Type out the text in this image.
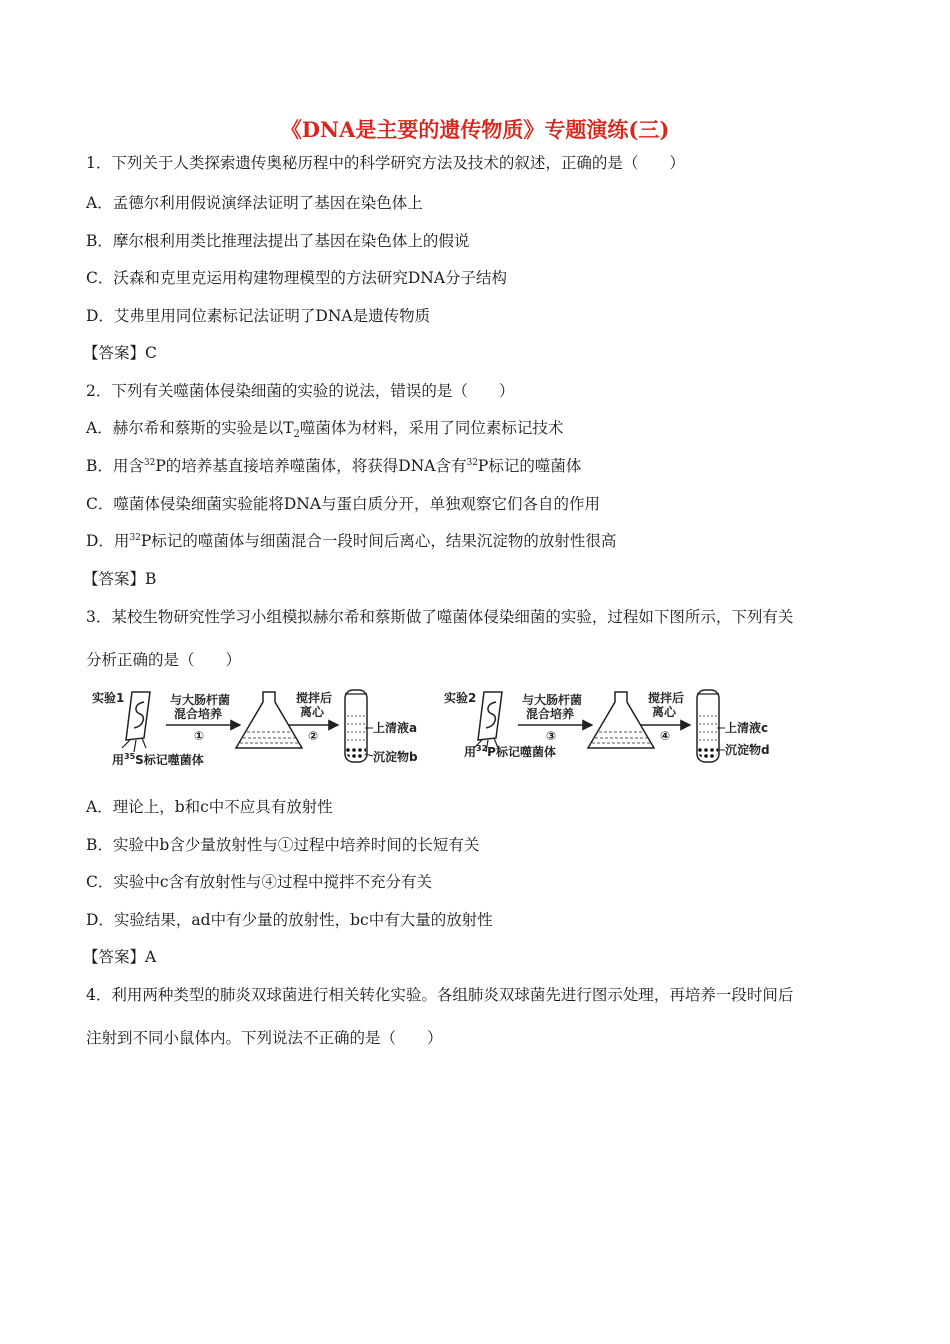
《DNA是主要的遗传物质》专题演练(三)

1．下列关于人类探索遗传奥秘历程中的科学研究方法及技术的叙述，正确的是（　　）

A．孟德尔利用假说演绎法证明了基因在染色体上

B．摩尔根利用类比推理法提出了基因在染色体上的假说

C．沃森和克里克运用构建物理模型的方法研究DNA分子结构

D．艾弗里用同位素标记法证明了DNA是遗传物质

【答案】C

2．下列有关噬菌体侵染细菌的实验的说法，错误的是（　　）

A．赫尔希和蔡斯的实验是以$T_2$噬菌体为材料，采用了同位素标记技术

B．用含$^{32}$P的培养基直接培养噬菌体，将获得DNA含有$^{32}$P标记的噬菌体

C．噬菌体侵染细菌实验能将DNA与蛋白质分开，单独观察它们各自的作用

D．用$^{32}$P标记的噬菌体与细菌混合一段时间后离心，结果沉淀物的放射性很高

【答案】B

3．某校生物研究性学习小组模拟赫尔希和蔡斯做了噬菌体侵染细菌的实验，过程如下图所示，下列有关

分析正确的是（　　）

实验1
用$^{35}$S标记噬菌体
与大肠杆菌
混合培养
①
搅拌后
离心
②
上清液a
沉淀物b
实验2
用$^{32}$P标记噬菌体
与大肠杆菌
混合培养
③
搅拌后
离心
④
上清液c
沉淀物d

A．理论上，b和c中不应具有放射性

B．实验中b含少量放射性与①过程中培养时间的长短有关

C．实验中c含有放射性与④过程中搅拌不充分有关

D．实验结果，ad中有少量的放射性，bc中有大量的放射性

【答案】A

4．利用两种类型的肺炎双球菌进行相关转化实验。各组肺炎双球菌先进行图示处理，再培养一段时间后

注射到不同小鼠体内。下列说法不正确的是（　　）
